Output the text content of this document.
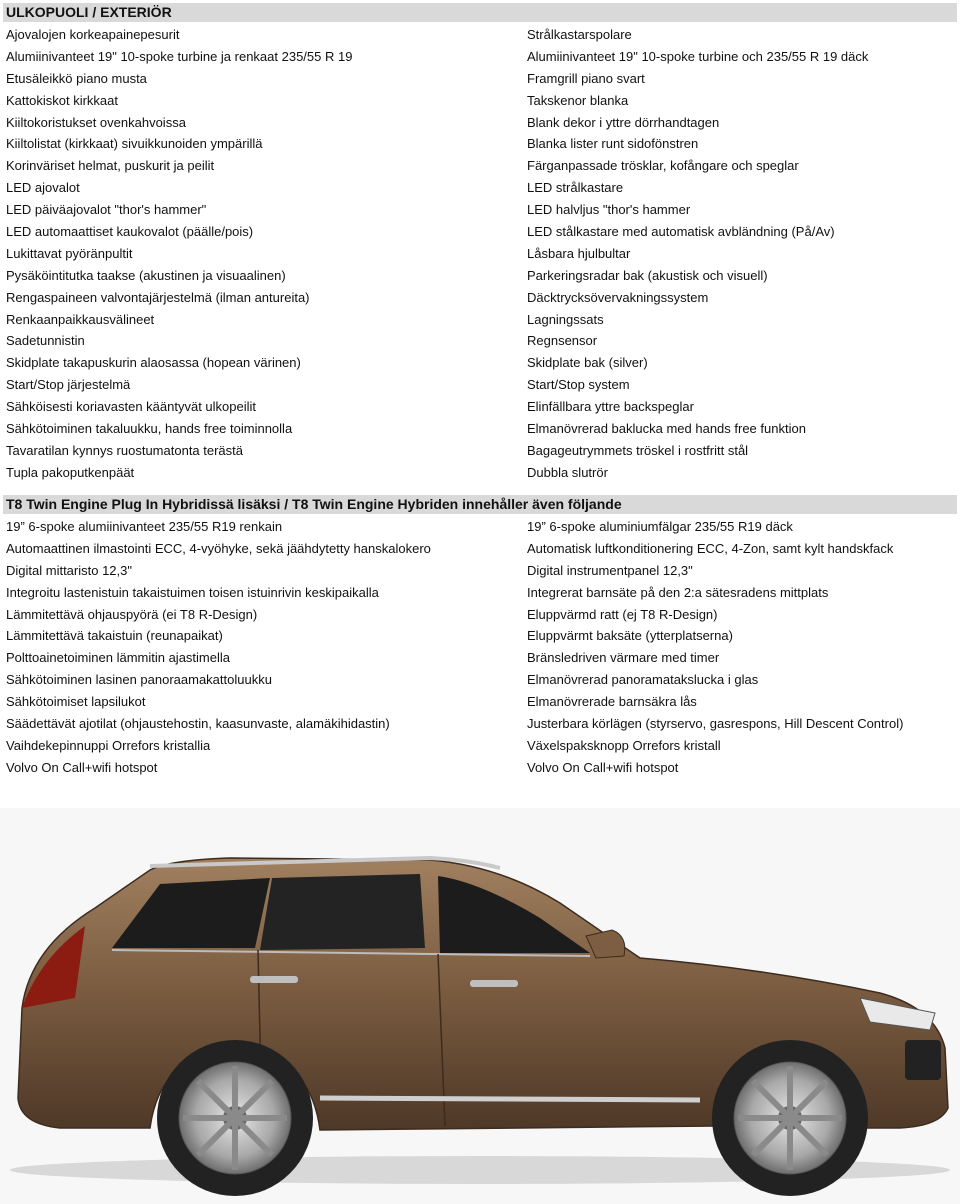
ULKOPUOLI / EXTERIÖR
Ajovalojen korkeapainepesurit	Strålkastarspolare
Alumiinivanteet 19" 10-spoke turbine ja renkaat 235/55 R 19	Alumiinivanteet 19" 10-spoke turbine och 235/55 R 19 däck
Etusäleikkö piano musta	Framgrill piano svart
Kattokiskot kirkkaat	Takskenor blanka
Kiiltokoristukset ovenkahvoissa	Blank dekor i yttre dörrhandtagen
Kiiltolistat (kirkkaat) sivuikkunoiden ympärillä	Blanka lister runt sidofönstren
Korinväriset helmat, puskurit ja peilit	Färganpassade trösklar, kofångare och speglar
LED ajovalot	LED strålkastare
LED päiväajovalot "thor's hammer"	LED halvljus "thor's hammer
LED automaattiset kaukovalot (päälle/pois)	LED stålkastare med automatisk avbländning (På/Av)
Lukittavat pyöränpultit	Låsbara hjulbultar
Pysäköintitutka taakse (akustinen ja visuaalinen)	Parkeringsradar bak (akustisk och visuell)
Rengaspaineen valvontajärjestelmä (ilman antureita)	Däcktrycksövervakningssystem
Renkaanpaikkausvälineet	Lagningssats
Sadetunnistin	Regnsensor
Skidplate takapuskurin alaosassa (hopean värinen)	Skidplate bak (silver)
Start/Stop järjestelmä	Start/Stop system
Sähköisesti koriavasten kääntyvät ulkopeilit	Elinfällbara yttre backspeglar
Sähkötoiminen takaluukku, hands free toiminnolla	Elmanövrerad baklucka med hands free funktion
Tavaratilan kynnys ruostumatonta terästä	Bagageutrymmets tröskel i rostfritt stål
Tupla pakoputkenpäät	Dubbla slutrör
T8 Twin Engine Plug In Hybridissä lisäksi / T8 Twin Engine Hybriden innehåller även följande
19” 6-spoke alumiinivanteet 235/55 R19 renkain	19” 6-spoke aluminiumfälgar 235/55 R19 däck
Automaattinen ilmastointi ECC, 4-vyöhyke, sekä jäähdytetty hanskalokero	Automatisk luftkonditionering ECC, 4-Zon, samt kylt handskfack
Digital mittaristo 12,3"	Digital instrumentpanel 12,3"
Integroitu lastenistuin takaistuimen toisen istuinrivin keskipaikalla	Integrerat barnsäte på den 2:a sätesradens mittplats
Lämmitettävä ohjauspyörä (ei T8 R-Design)	Eluppvärmd ratt (ej T8 R-Design)
Lämmitettävä takaistuin (reunapaikat)	Eluppvärmt baksäte (ytterplatserna)
Polttoainetoiminen lämmitin ajastimella	Bränsledriven värmare med timer
Sähkötoiminen lasinen panoraamakattoluukku	Elmanövrerad panoramatakslucka i glas
Sähkötoimiset lapsilukot	Elmanövrerade barnsäkra lås
Säädettävät ajotilat (ohjaustehostin, kaasunvaste, alamäkihidastin)	Justerbara körlägen (styrservo, gasrespons, Hill Descent Control)
Vaihdekepinnuppi Orrefors kristallia	Växelspaksknopp Orrefors kristall
Volvo On Call+wifi hotspot	Volvo On Call+wifi hotspot
